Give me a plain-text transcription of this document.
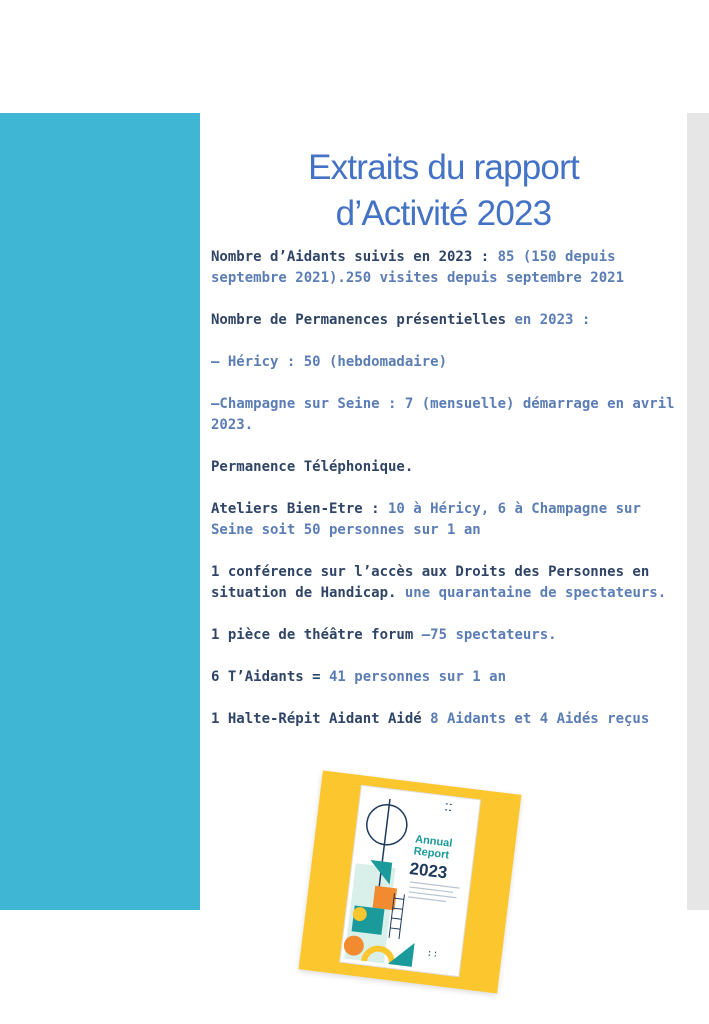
Extraits du rapport
d’Activité 2023

Nombre d’Aidants suivis en 2023 : 85 (150 depuis septembre 2021).250 visites depuis septembre 2021

Nombre de Permanences présentielles en 2023 :

– Héricy : 50 (hebdomadaire)

–Champagne sur Seine : 7 (mensuelle) démarrage en avril 2023.

Permanence Téléphonique.

Ateliers Bien-Etre : 10 à Héricy, 6 à Champagne sur Seine soit 50 personnes sur 1 an

1 conférence sur l’accès aux Droits des Personnes en situation de Handicap. une quarantaine de spectateurs.

1 pièce de théâtre forum –75 spectateurs.

6 T’Aidants = 41 personnes sur 1 an

1 Halte-Répit Aidant Aidé 8 Aidants et 4 Aidés reçus

Annual
Report
2023
